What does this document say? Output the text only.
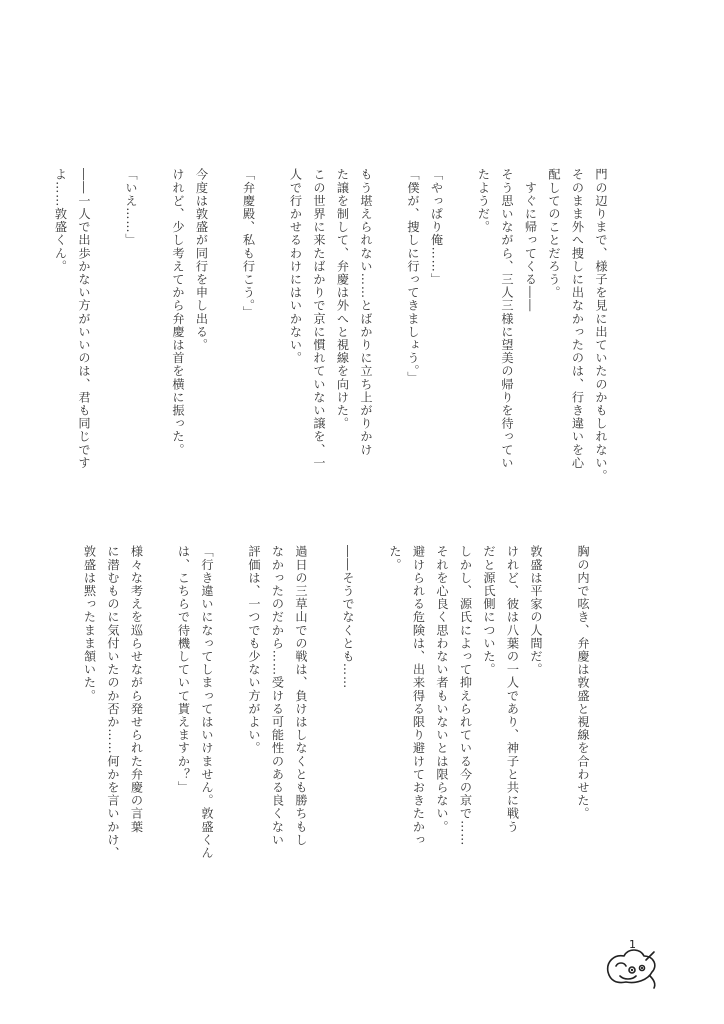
門の辺りまで、様子を見に出ていたのかもしれない。
そのまま外へ捜しに出なかったのは、行き違いを心
配してのことだろう。
　すぐに帰ってくる――
そう思いながら、三人三様に望美の帰りを待ってい
たようだ。
「やっぱり俺……」
「僕が、捜しに行ってきましょう。」
もう堪えられない……とばかりに立ち上がりかけ
た譲を制して、弁慶は外へと視線を向けた。
この世界に来たばかりで京に慣れていない譲を、一
人で行かせるわけにはいかない。
「弁慶殿、私も行こう。」
今度は敦盛が同行を申し出る。
けれど、少し考えてから弁慶は首を横に振った。
「いえ……」
――一人で出歩かない方がいいのは、君も同じです
よ……敦盛くん。
胸の内で呟き、弁慶は敦盛と視線を合わせた。
敦盛は平家の人間だ。
けれど、彼は八葉の一人であり、神子と共に戦う
だと源氏側についた。
しかし、源氏によって抑えられている今の京で……
それを心良く思わない者もいないとは限らない。
避けられる危険は、出来得る限り避けておきたかっ
た。
――そうでなくとも……
過日の三草山での戦は、負けはしなくとも勝ちもし
なかったのだから……受ける可能性のある良くない
評価は、一つでも少ない方がよい。
「行き違いになってしまってはいけません。敦盛くん
は、こちらで待機していて貰えますか？」
様々な考えを巡らせながら発せられた弁慶の言葉
に潜むものに気付いたのか否か……何かを言いかけ、
敦盛は黙ったまま頷いた。
1
